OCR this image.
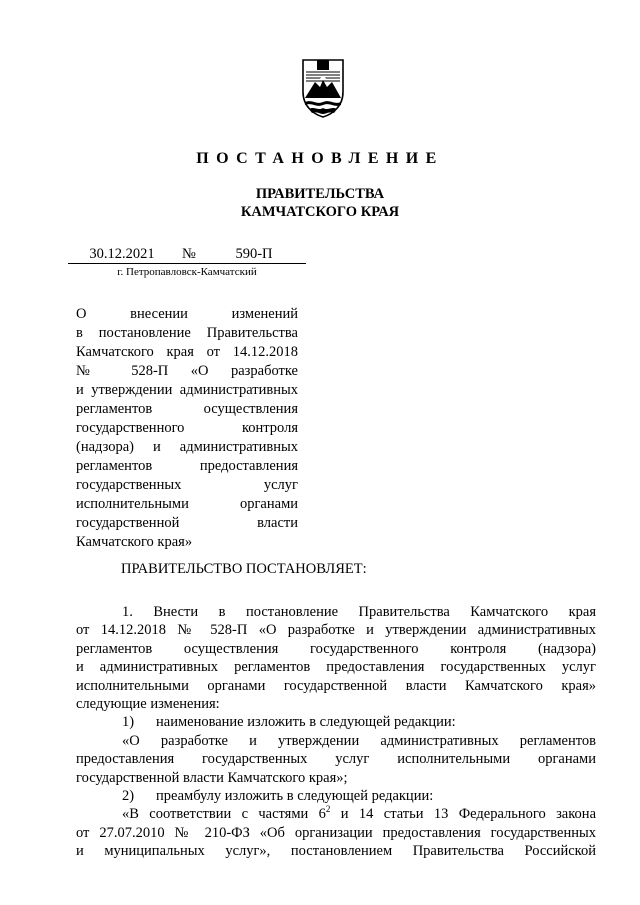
ПОСТАНОВЛЕНИЕ
ПРАВИТЕЛЬСТВА
КАМЧАТСКОГО КРАЯ
30.12.2021	№	590-П
г. Петропавловск-Камчатский
О внесении изменений
в постановление Правительства
Камчатского края от 14.12.2018
№ 528-П «О разработке
и утверждении административных
регламентов осуществления
государственного контроля
(надзора) и административных
регламентов предоставления
государственных услуг
исполнительными органами
государственной власти
Камчатского края»
ПРАВИТЕЛЬСТВО ПОСТАНОВЛЯЕТ:
1. Внести в постановление Правительства Камчатского края
от 14.12.2018 № 528-П «О разработке и утверждении административных
регламентов осуществления государственного контроля (надзора)
и административных регламентов предоставления государственных услуг
исполнительными органами государственной власти Камчатского края»
следующие изменения:
1) наименование изложить в следующей редакции:
«О разработке и утверждении административных регламентов
предоставления государственных услуг исполнительными органами
государственной власти Камчатского края»;
2) преамбулу изложить в следующей редакции:
«В соответствии с частями $6^2$ и 14 статьи 13 Федерального закона
от 27.07.2010 № 210-ФЗ «Об организации предоставления государственных
и муниципальных услуг», постановлением Правительства Российской
